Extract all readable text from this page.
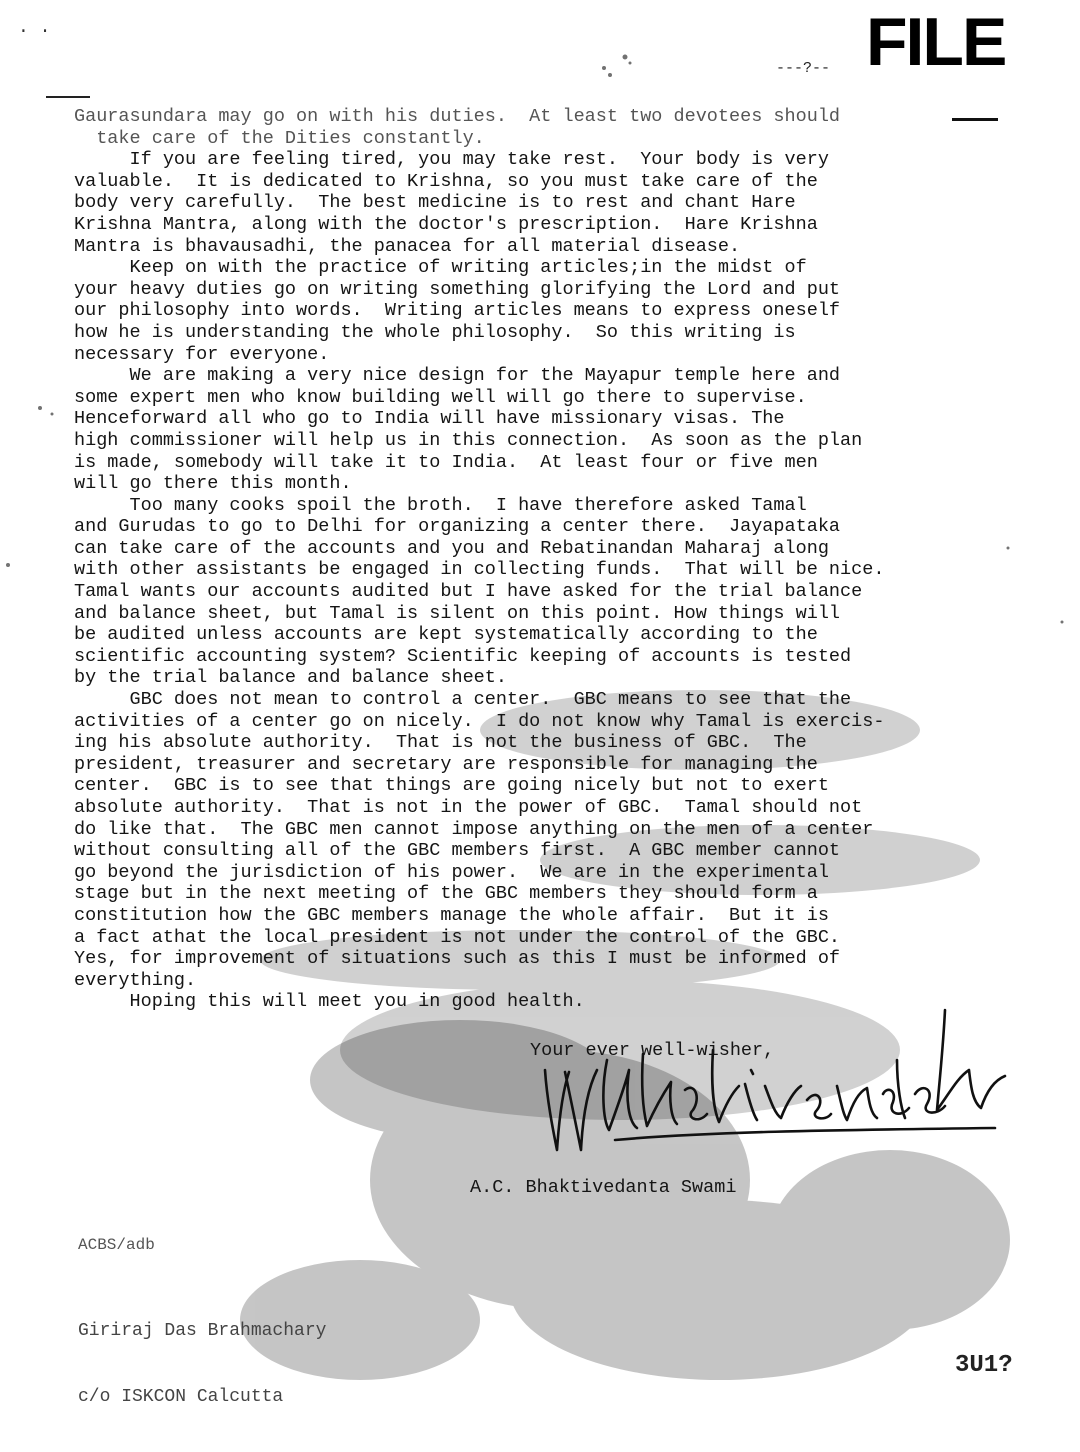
· ·	FILE
---?--

Gaurasundara may go on with his duties.  At least two devotees should
take care of the Dities constantly.

If you are feeling tired, you may take rest.  Your body is very
valuable.  It is dedicated to Krishna, so you must take care of the
body very carefully.  The best medicine is to rest and chant Hare
Krishna Mantra, along with the doctor's prescription.  Hare Krishna
Mantra is bhavausadhi, the panacea for all material disease.

Keep on with the practice of writing articles;in the midst of
your heavy duties go on writing something glorifying the Lord and put
our philosophy into words.  Writing articles means to express oneself
how he is understanding the whole philosophy.  So this writing is
necessary for everyone.

We are making a very nice design for the Mayapur temple here and
some expert men who know building well will go there to supervise.
Henceforward all who go to India will have missionary visas. The
high commissioner will help us in this connection.  As soon as the plan
is made, somebody will take it to India.  At least four or five men
will go there this month.

Too many cooks spoil the broth.  I have therefore asked Tamal
and Gurudas to go to Delhi for organizing a center there.  Jayapataka
can take care of the accounts and you and Rebatinandan Maharaj along
with other assistants be engaged in collecting funds.  That will be nice.
Tamal wants our accounts audited but I have asked for the trial balance
and balance sheet, but Tamal is silent on this point. How things will
be audited unless accounts are kept systematically according to the
scientific accounting system? Scientific keeping of accounts is tested
by the trial balance and balance sheet.

GBC does not mean to control a center.  GBC means to see that the
activities of a center go on nicely.  I do not know why Tamal is exercis-
ing his absolute authority.  That is not the business of GBC.  The
president, treasurer and secretary are responsible for managing the
center.  GBC is to see that things are going nicely but not to exert
absolute authority.  That is not in the power of GBC.  Tamal should not
do like that.  The GBC men cannot impose anything on the men of a center
without consulting all of the GBC members first.  A GBC member cannot
go beyond the jurisdiction of his power.  We are in the experimental
stage but in the next meeting of the GBC members they should form a
constitution how the GBC members manage the whole affair.  But it is
a fact athat the local president is not under the control of the GBC.
Yes, for improvement of situations such as this I must be informed of
everything.

Hoping this will meet you in good health.

Your ever well-wisher,
A.C. Bhaktivedanta Swami
ACBS/adb

Giriraj Das Brahmachary

c/o ISKCON Calcutta

3U1?
